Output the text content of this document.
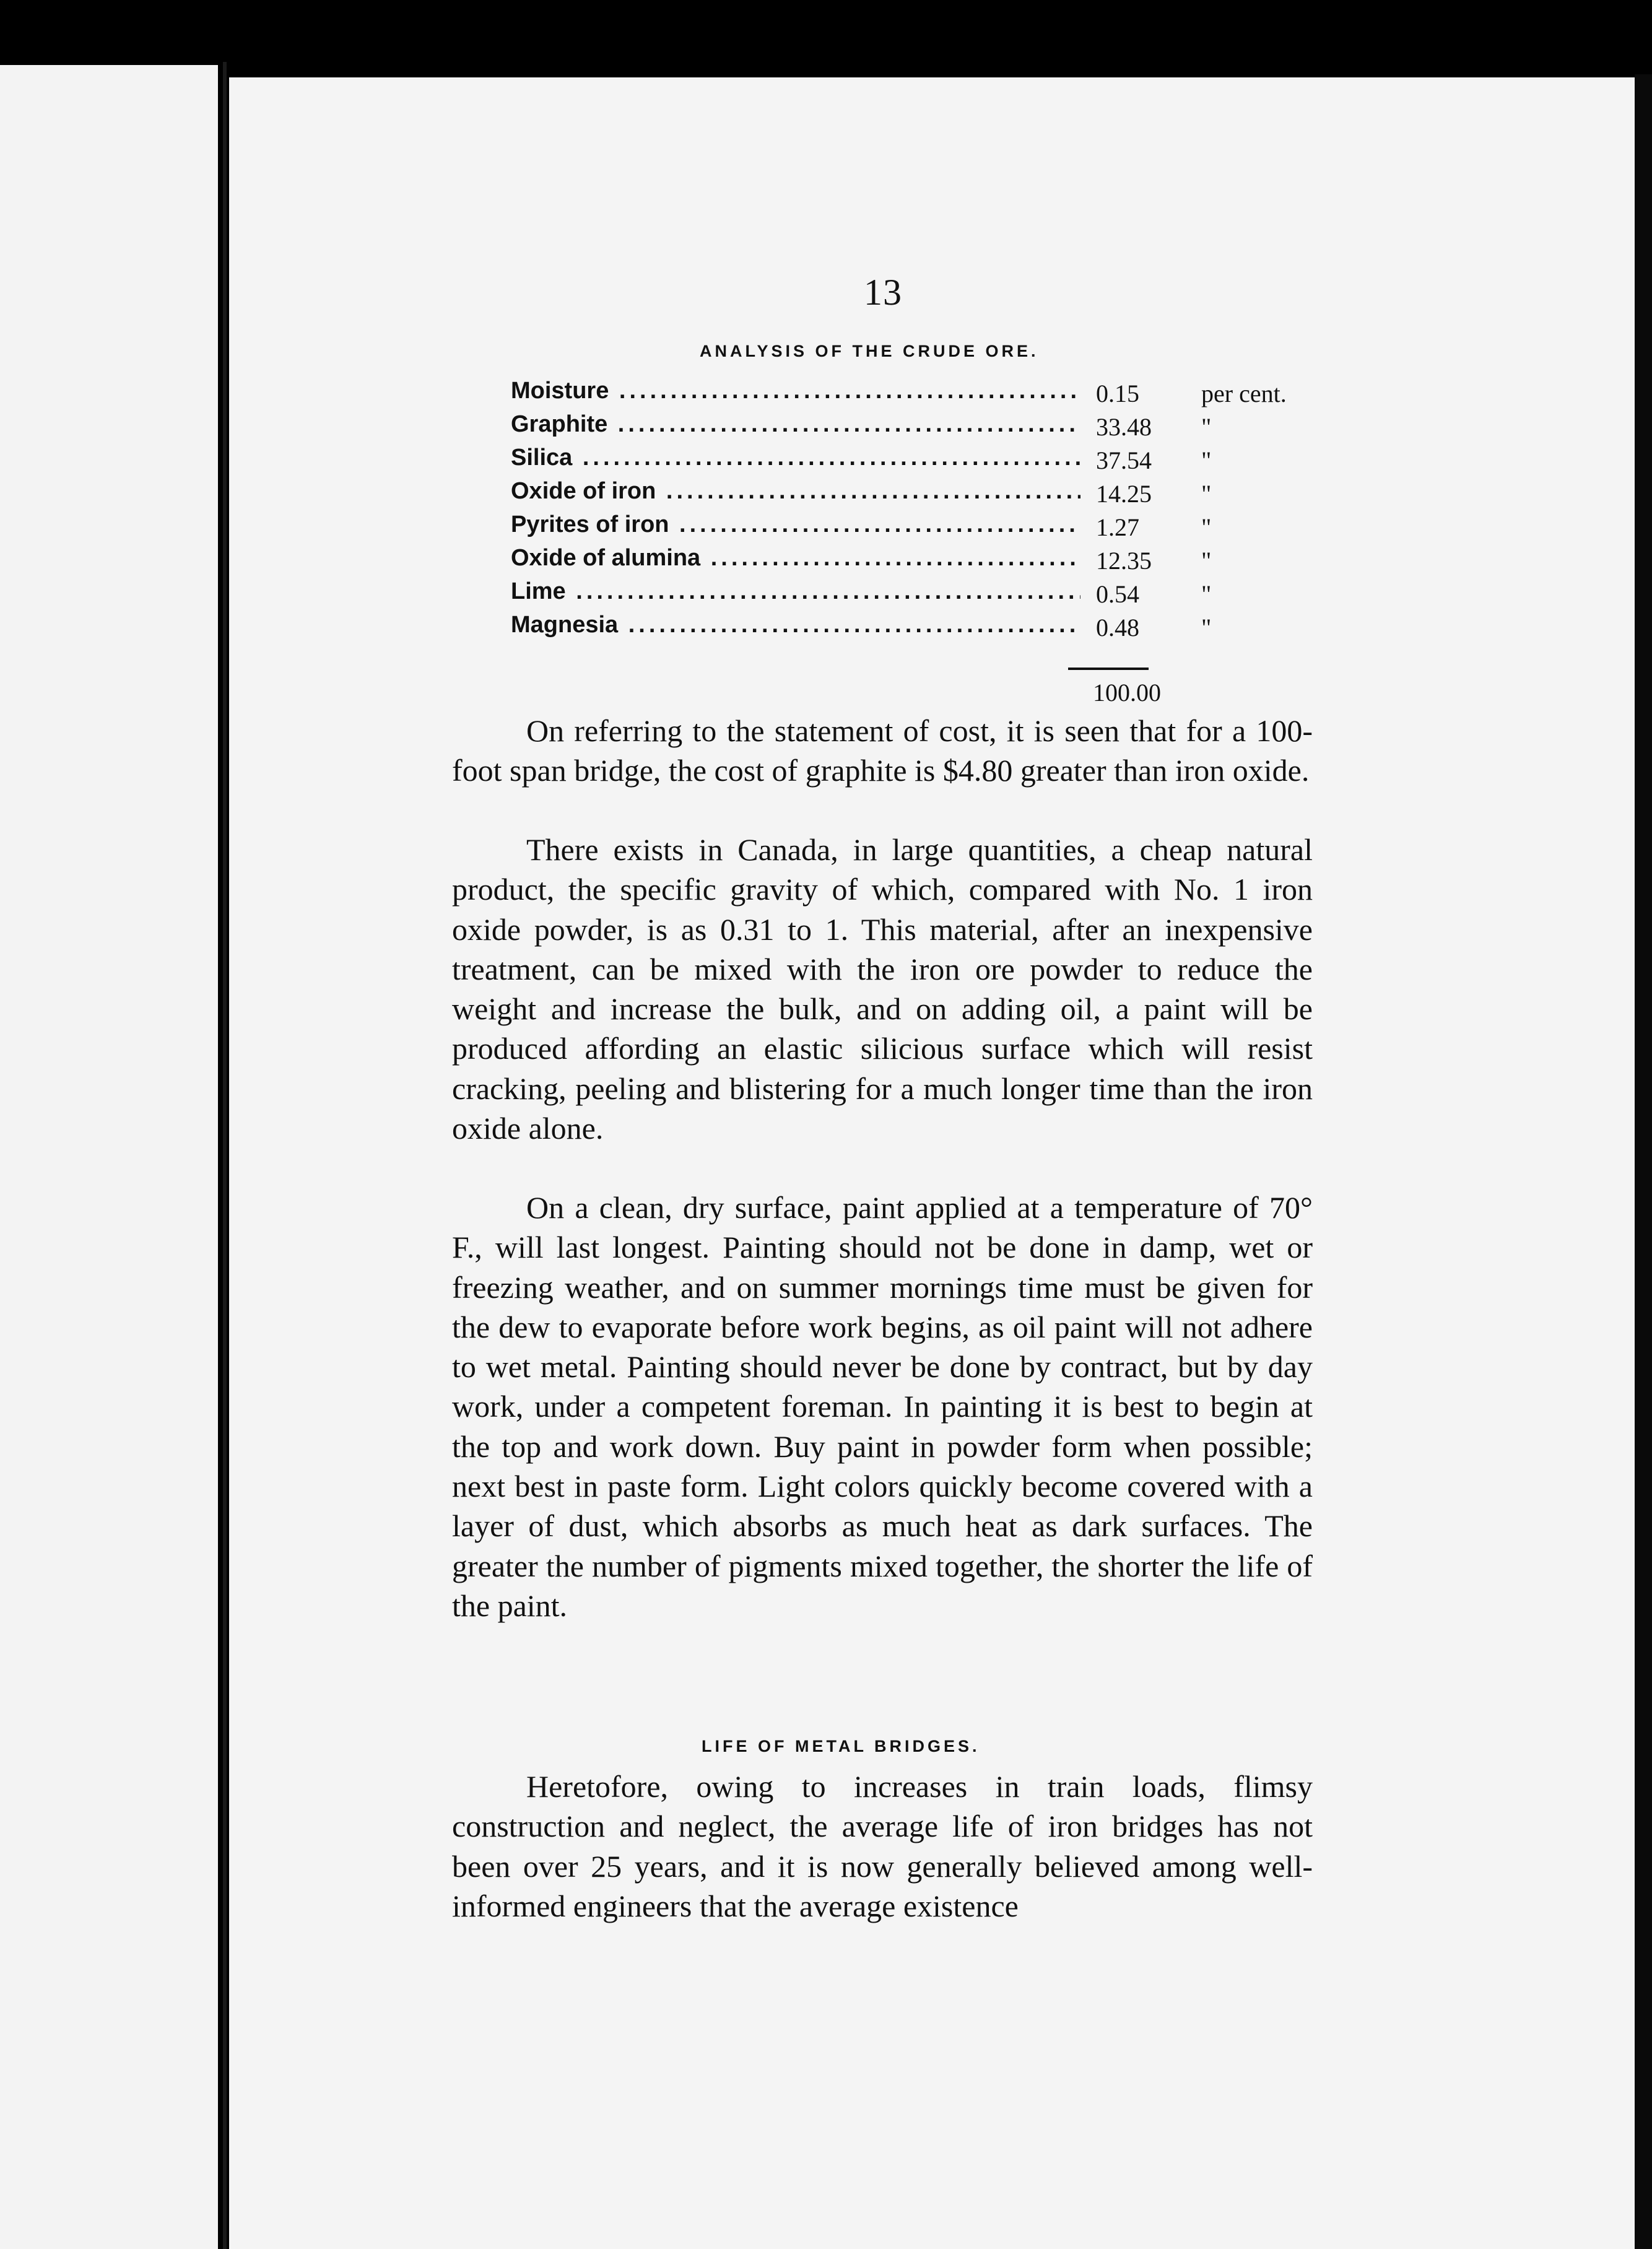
13
ANALYSIS OF THE CRUDE ORE.
Moisture .....	0.15	per cent.
Graphite .....	33.48	"
Silica .....	37.54	"
Oxide of iron .....	14.25	"
Pyrites of iron .....	1.27	"
Oxide of alumina .....	12.35	"
Lime .....	0.54	"
Magnesia .....	0.48	"
100.00
On referring to the statement of cost, it is seen that for a 100-foot span bridge, the cost of graphite is $4.80 greater than iron oxide.
There exists in Canada, in large quantities, a cheap natural product, the specific gravity of which, compared with No. 1 iron oxide powder, is as 0.31 to 1. This material, after an inexpensive treatment, can be mixed with the iron ore powder to reduce the weight and increase the bulk, and on adding oil, a paint will be produced affording an elastic silicious surface which will resist cracking, peeling and blistering for a much longer time than the iron oxide alone.
On a clean, dry surface, paint applied at a temperature of 70° F., will last longest. Painting should not be done in damp, wet or freezing weather, and on summer mornings time must be given for the dew to evaporate before work begins, as oil paint will not adhere to wet metal. Painting should never be done by contract, but by day work, under a competent foreman. In painting it is best to begin at the top and work down. Buy paint in powder form when possible; next best in paste form. Light colors quickly become covered with a layer of dust, which absorbs as much heat as dark surfaces. The greater the number of pigments mixed together, the shorter the life of the paint.
LIFE OF METAL BRIDGES.
Heretofore, owing to increases in train loads, flimsy construction and neglect, the average life of iron bridges has not been over 25 years, and it is now generally believed among well-informed engineers that the average existence
